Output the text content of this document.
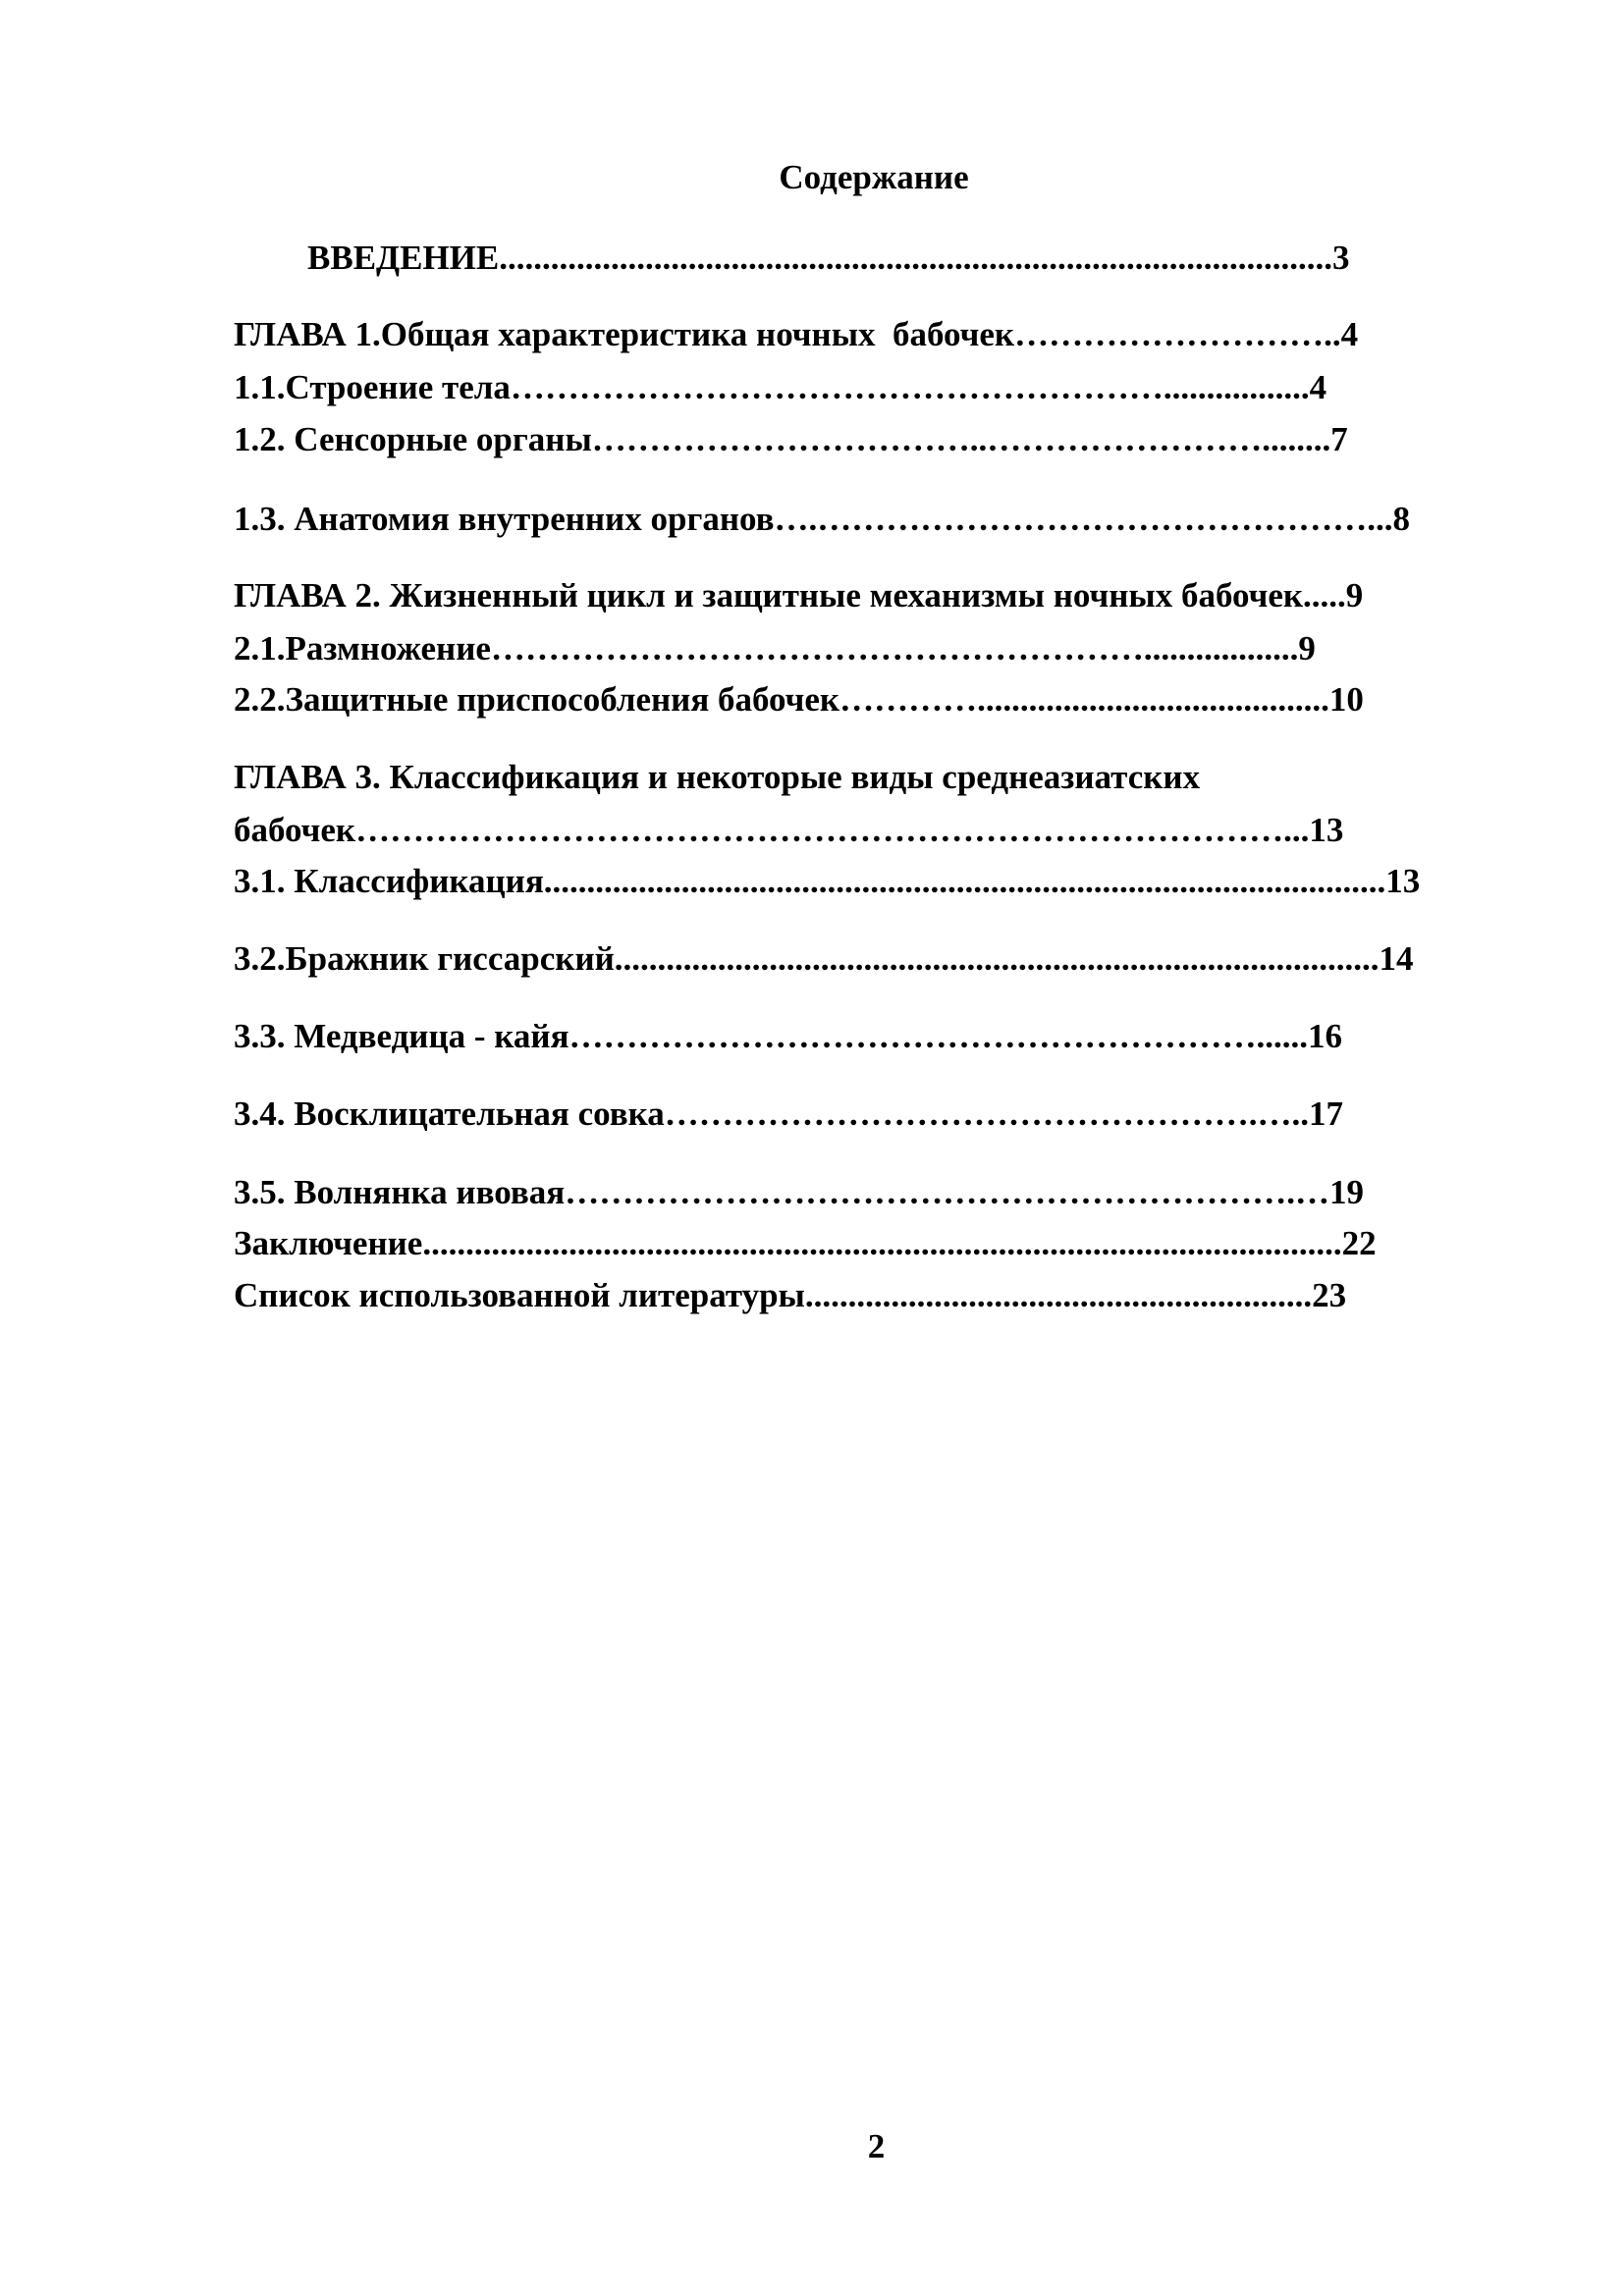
Содержание
ВВЕДЕНИЕ.................................................................................................3
ГЛАВА 1.Общая характеристика ночных  бабочек………………………..4
1.1.Строение тела………………………………………………….................4
1.2. Сенсорные органы……………………………..……………………........7
1.3. Анатомия внутренних органов….…………………………………………...8
ГЛАВА 2. Жизненный цикл и защитные механизмы ночных бабочек.....9
2.1.Размножение…………………………………………………..................9
2.2.Защитные приспособления бабочек………….........................................10
ГЛАВА 3. Классификация и некоторые виды среднеазиатских
бабочек………………………………………………………………………...13
3.1. Классификация..................................................................................................13
3.2.Бражник гиссарский.........................................................................................14
3.3. Медведица - кайя……………………………………………………......16
3.4. Восклицательная совка…………………………………………….…..17
3.5. Волнянка ивовая……………………………………………………….…19
Заключение...........................................................................................................22
Список использованной литературы...........................................................23
2
